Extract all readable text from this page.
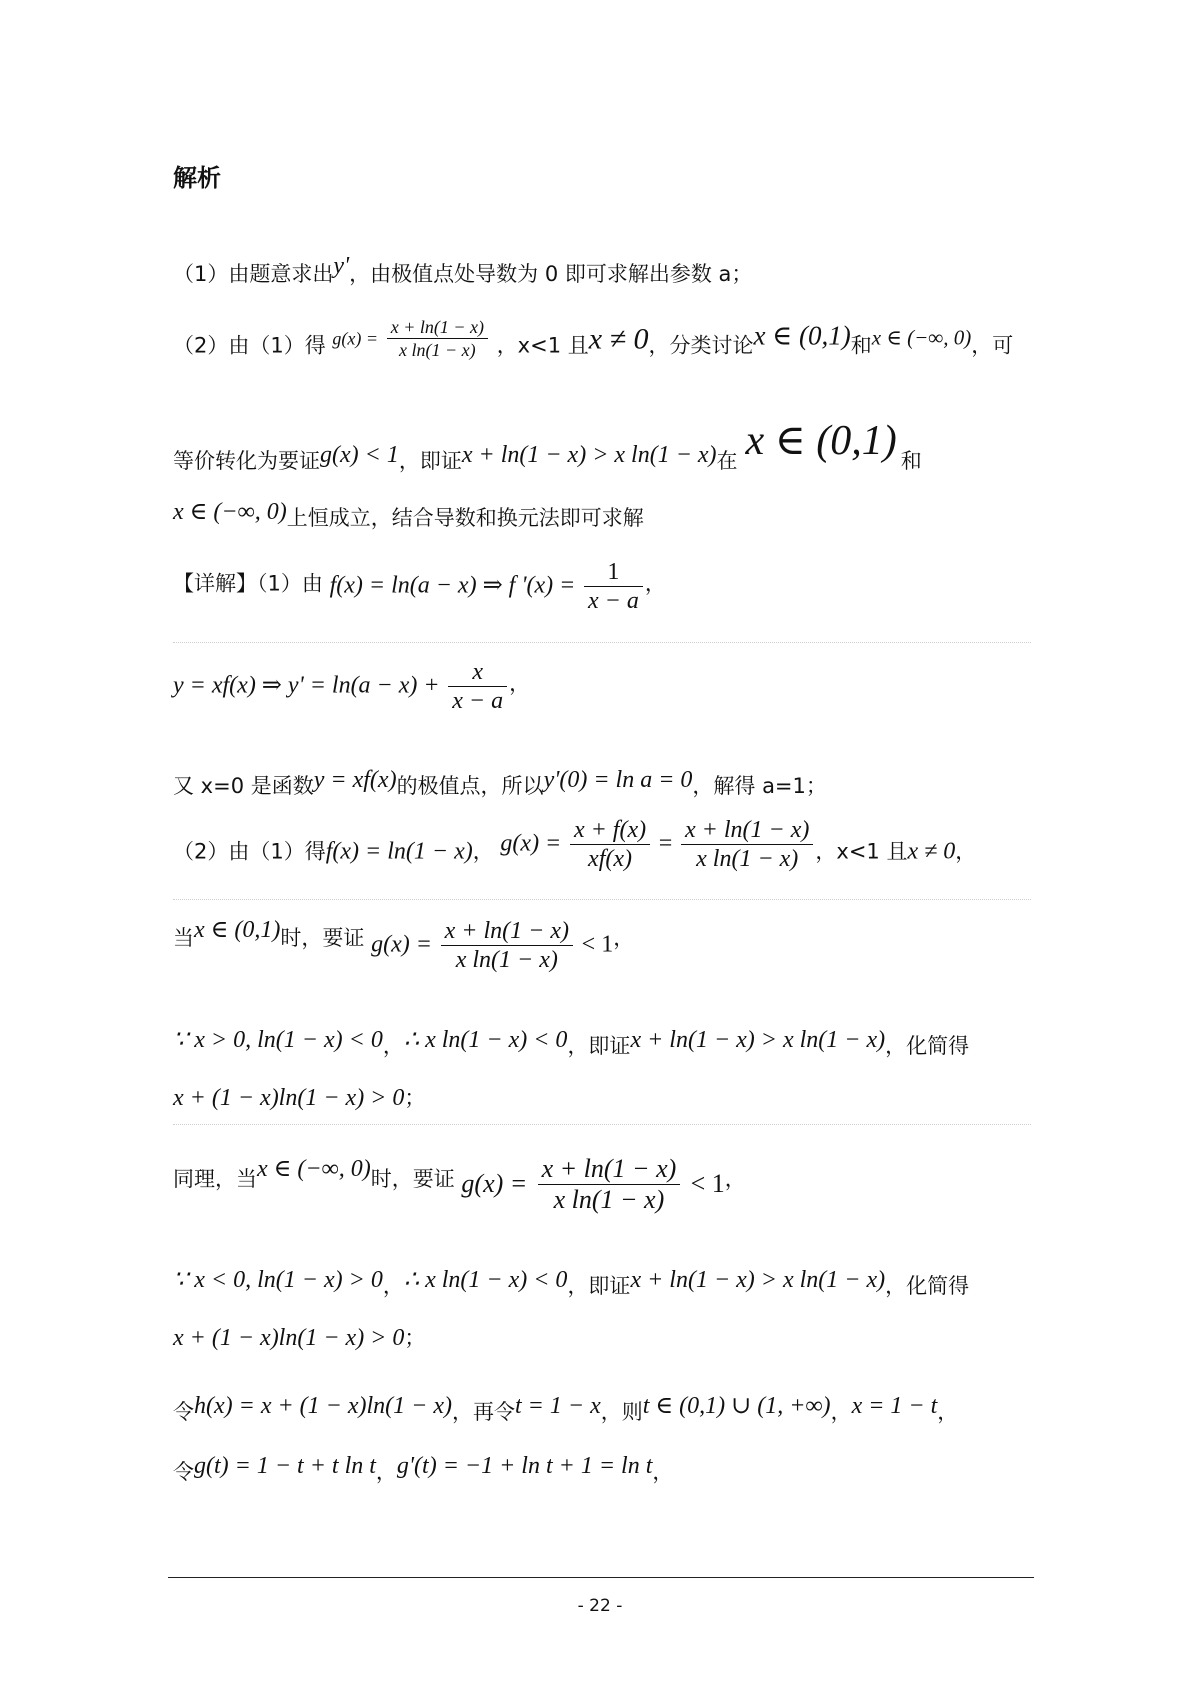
解析
（1）由题意求出y'，由极值点处导数为 0 即可求解出参数 a；
（2）由（1）得 $g(x) = \frac{x + \ln(1 - x)}{\text{x ln(1 − x)}}$ ，x<1 且x ≠ 0，分类讨论x ∈ (0,1)和x ∈ (−∞, 0)，可
等价转化为要证g(x) < 1，即证x + ln(1 − x) > x ln(1 − x)在 x ∈ (0,1) 和
x ∈ (−∞, 0)上恒成立，结合导数和换元法即可求解
【详解】（1）由 f(x) = ln(a − x) ⇒ f '$(x) = \frac{1}{x - a}$ ，
y = xf(x) ⇒ $y' = \ln(a - x) + \frac{x}{x - a}$ ，
又 x=0 是函数y = xf(x)的极值点，所以y'(0) = ln a = 0，解得 a=1；
（2）由（1）得f(x) = ln(1 − x)， $g(x) = \frac{x + f(x)}{xf(x)} = \frac{x + \ln(1 - x)}{\text{x ln(1 − x)}}$ ，x<1 且x ≠ 0，
当x ∈ (0,1)时，要证 $g(x) = \frac{x + \ln(1 - x)}{\text{x ln(1 − x)}} < 1$，
∵ x > 0, ln(1 − x) < 0，∴ x ln(1 − x) < 0，即证x + ln(1 − x) > x ln(1 − x)，化简得
x + (1 − x)ln(1 − x) > 0；
同理，当x ∈ (−∞, 0)时，要证 $g(x) = \frac{x + \ln(1 - x)}{\text{x ln(1 − x)}} < 1$，
∵ x < 0, ln(1 − x) > 0，∴ x ln(1 − x) < 0，即证x + ln(1 − x) > x ln(1 − x)，化简得
x + (1 − x)ln(1 − x) > 0；
令h(x) = x + (1 − x)ln(1 − x)，再令t = 1 − x，则t ∈ (0,1) ∪ (1, +∞)，x = 1 − t，
令g(t) = 1 − t + t ln t，g'(t) = −1 + ln t + 1 = ln t，
- 22 -
